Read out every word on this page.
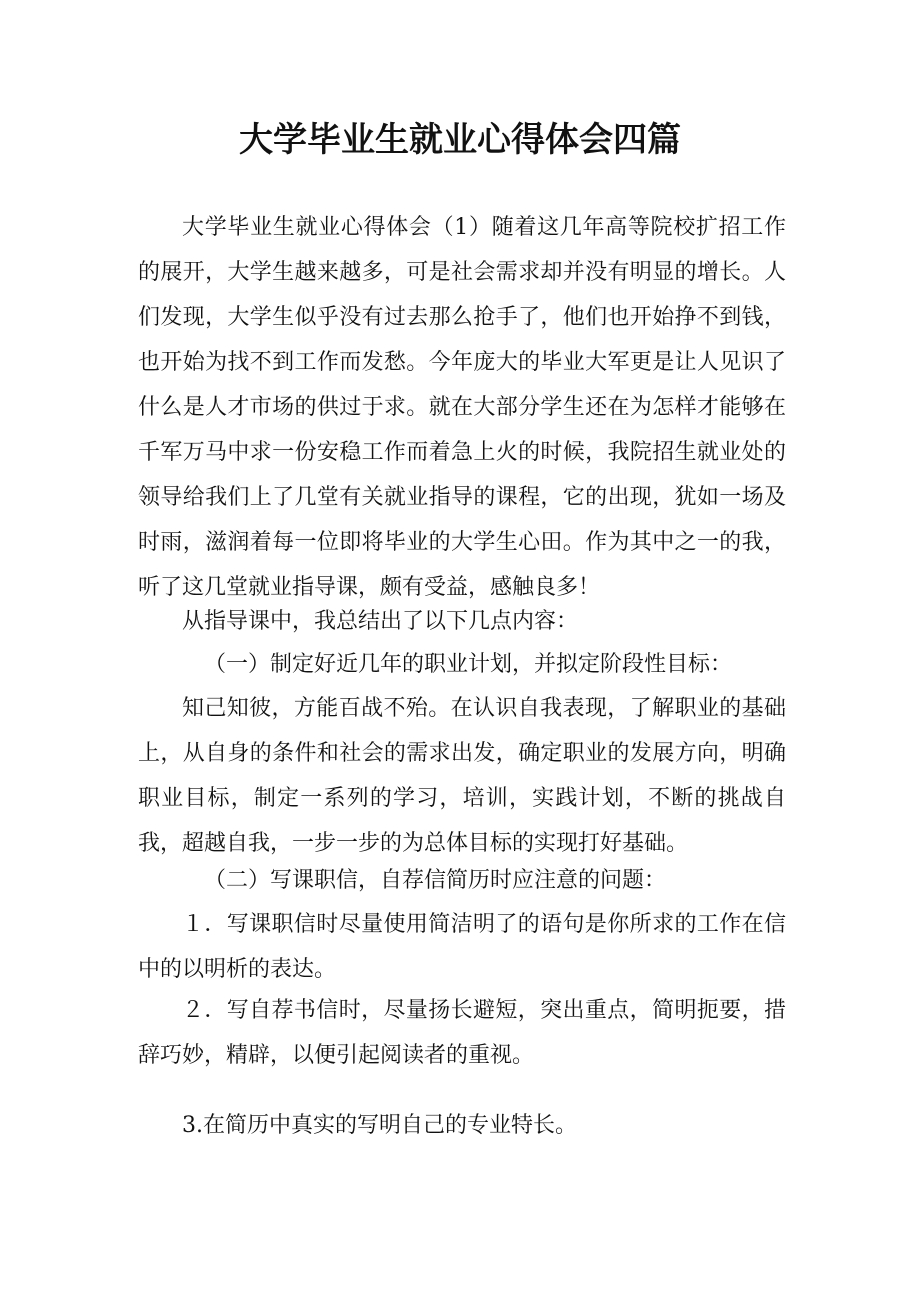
大学毕业生就业心得体会四篇

大学毕业生就业心得体会（1）随着这几年高等院校扩招工作的展开，大学生越来越多，可是社会需求却并没有明显的增长。人们发现，大学生似乎没有过去那么抢手了，他们也开始挣不到钱，也开始为找不到工作而发愁。今年庞大的毕业大军更是让人见识了什么是人才市场的供过于求。就在大部分学生还在为怎样才能够在千军万马中求一份安稳工作而着急上火的时候，我院招生就业处的领导给我们上了几堂有关就业指导的课程，它的出现，犹如一场及时雨，滋润着每一位即将毕业的大学生心田。作为其中之一的我，听了这几堂就业指导课，颇有受益，感触良多！

从指导课中，我总结出了以下几点内容：

（一）制定好近几年的职业计划，并拟定阶段性目标：

知己知彼，方能百战不殆。在认识自我表现，了解职业的基础上，从自身的条件和社会的需求出发，确定职业的发展方向，明确职业目标，制定一系列的学习，培训，实践计划，不断的挑战自我，超越自我，一步一步的为总体目标的实现打好基础。

（二）写课职信，自荐信简历时应注意的问题：

１．写课职信时尽量使用简洁明了的语句是你所求的工作在信中的以明析的表达。

２．写自荐书信时，尽量扬长避短，突出重点，简明扼要，措辞巧妙，精辟，以便引起阅读者的重视。

3.在简历中真实的写明自己的专业特长。
